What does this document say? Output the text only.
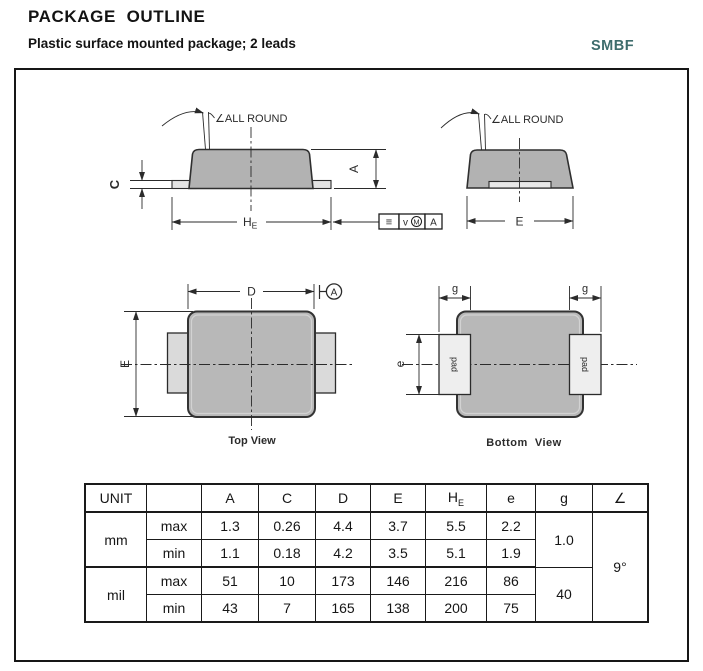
PACKAGE  OUTLINE
Plastic surface mounted package; 2 leads	SMBF
∠ALL ROUND
C
A
$H_E$	≡ v M A
∠ALL ROUND
E
E
D	A
Top View
pad	pad
g	g
e
Bottom  View
UNIT		A	C	D	E	$H_E$	e	g	∠
mm	max	1.3	0.26	4.4	3.7	5.5	2.2	1.0	9°
	min	1.1	0.18	4.2	3.5	5.1	1.9		
mil	max	51	10	173	146	216	86	40	
	min	43	7	165	138	200	75		
